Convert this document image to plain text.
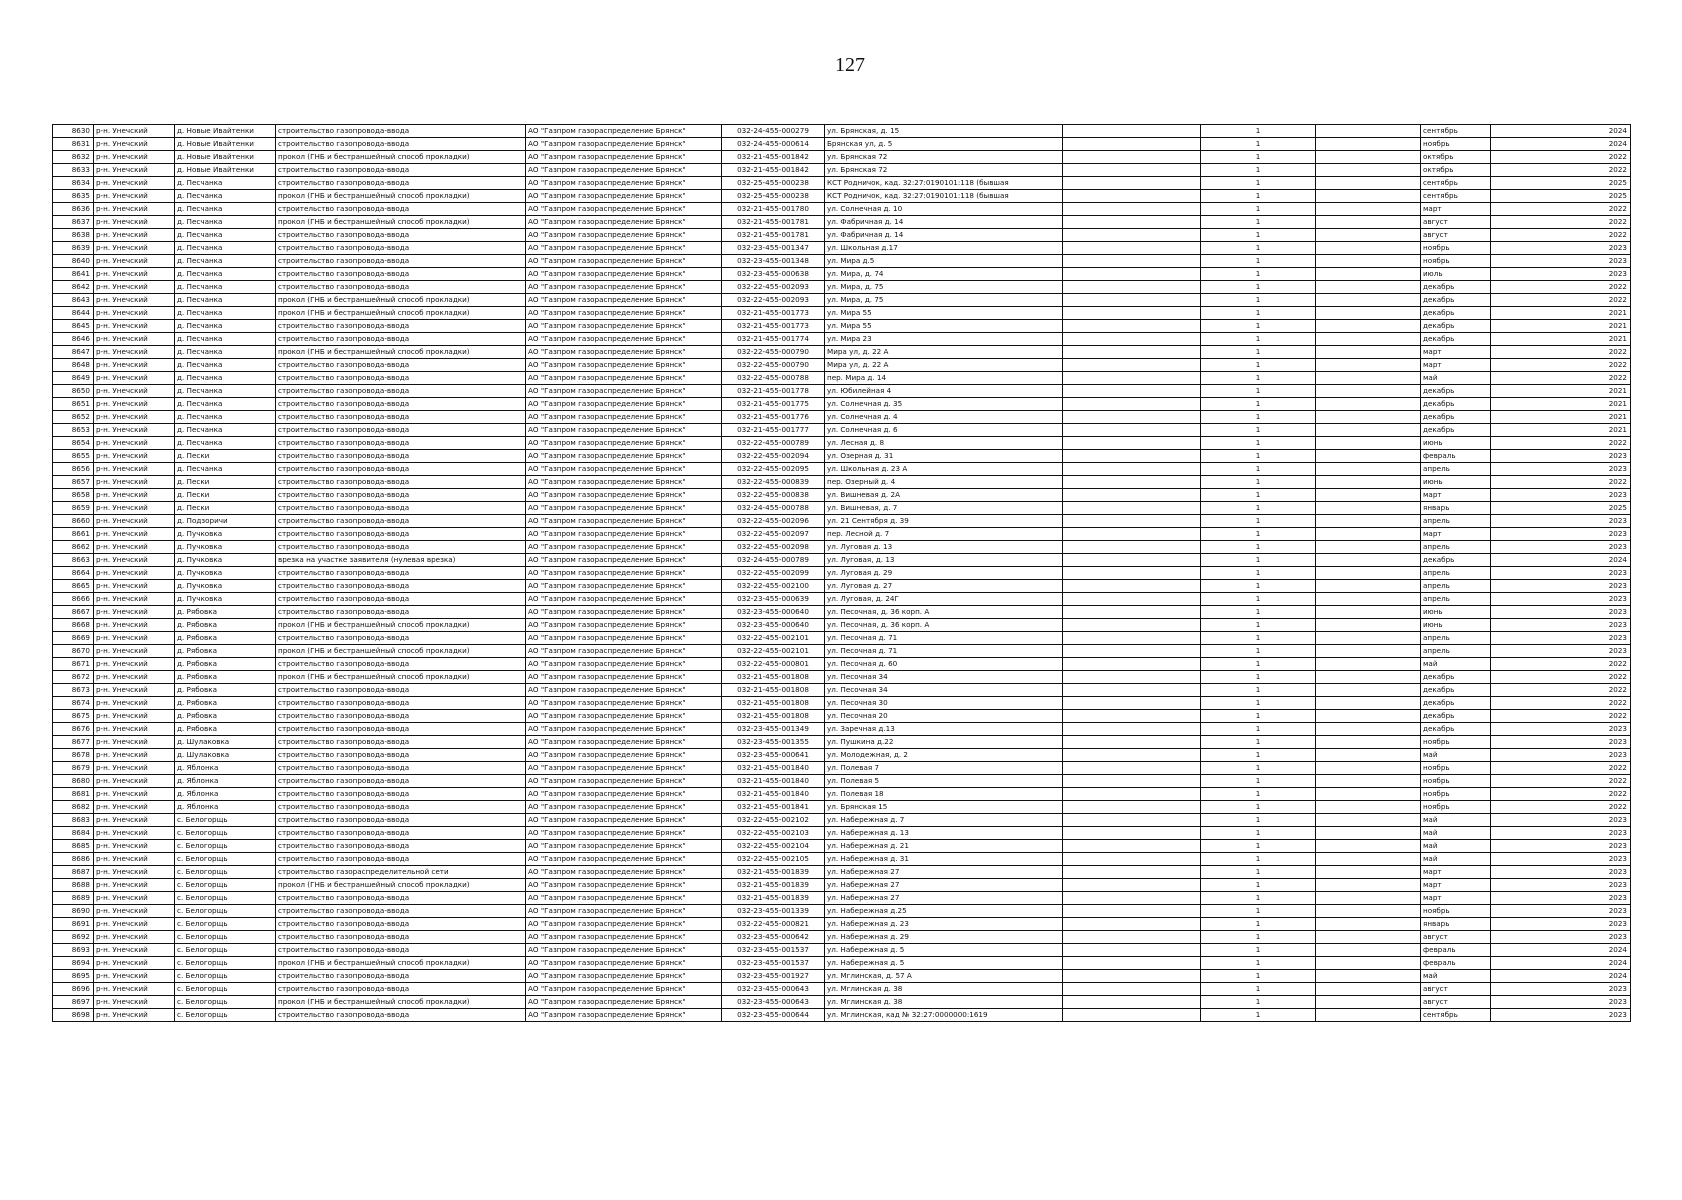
127
8630	р-н. Унечский	д. Новые Ивайтенки	строительство газопровода-ввода	АО "Газпром газораспределение Брянск"	032-24-455-000279	ул. Брянская, д. 15		1		сентябрь	2024
8631	р-н. Унечский	д. Новые Ивайтенки	строительство газопровода-ввода	АО "Газпром газораспределение Брянск"	032-24-455-000614	Брянская ул, д. 5		1		ноябрь	2024
8632	р-н. Унечский	д. Новые Ивайтенки	прокол (ГНБ и бестраншейный способ прокладки)	АО "Газпром газораспределение Брянск"	032-21-455-001842	ул. Брянская 72		1		октябрь	2022
8633	р-н. Унечский	д. Новые Ивайтенки	строительство газопровода-ввода	АО "Газпром газораспределение Брянск"	032-21-455-001842	ул. Брянская 72		1		октябрь	2022
8634	р-н. Унечский	д. Песчанка	строительство газопровода-ввода	АО "Газпром газораспределение Брянск"	032-25-455-000238	КСТ Родничок, кад. 32:27:0190101:118 (бывшая		1		сентябрь	2025
8635	р-н. Унечский	д. Песчанка	прокол (ГНБ и бестраншейный способ прокладки)	АО "Газпром газораспределение Брянск"	032-25-455-000238	КСТ Родничок, кад. 32:27:0190101:118 (бывшая		1		сентябрь	2025
8636	р-н. Унечский	д. Песчанка	строительство газопровода-ввода	АО "Газпром газораспределение Брянск"	032-21-455-001780	ул. Солнечная д. 10		1		март	2022
8637	р-н. Унечский	д. Песчанка	прокол (ГНБ и бестраншейный способ прокладки)	АО "Газпром газораспределение Брянск"	032-21-455-001781	ул. Фабричная д. 14		1		август	2022
8638	р-н. Унечский	д. Песчанка	строительство газопровода-ввода	АО "Газпром газораспределение Брянск"	032-21-455-001781	ул. Фабричная д. 14		1		август	2022
8639	р-н. Унечский	д. Песчанка	строительство газопровода-ввода	АО "Газпром газораспределение Брянск"	032-23-455-001347	ул. Школьная д.17		1		ноябрь	2023
8640	р-н. Унечский	д. Песчанка	строительство газопровода-ввода	АО "Газпром газораспределение Брянск"	032-23-455-001348	ул. Мира д.5		1		ноябрь	2023
8641	р-н. Унечский	д. Песчанка	строительство газопровода-ввода	АО "Газпром газораспределение Брянск"	032-23-455-000638	ул. Мира, д. 74		1		июль	2023
8642	р-н. Унечский	д. Песчанка	строительство газопровода-ввода	АО "Газпром газораспределение Брянск"	032-22-455-002093	ул. Мира, д. 75		1		декабрь	2022
8643	р-н. Унечский	д. Песчанка	прокол (ГНБ и бестраншейный способ прокладки)	АО "Газпром газораспределение Брянск"	032-22-455-002093	ул. Мира, д. 75		1		декабрь	2022
8644	р-н. Унечский	д. Песчанка	прокол (ГНБ и бестраншейный способ прокладки)	АО "Газпром газораспределение Брянск"	032-21-455-001773	ул. Мира 55		1		декабрь	2021
8645	р-н. Унечский	д. Песчанка	строительство газопровода-ввода	АО "Газпром газораспределение Брянск"	032-21-455-001773	ул. Мира 55		1		декабрь	2021
8646	р-н. Унечский	д. Песчанка	строительство газопровода-ввода	АО "Газпром газораспределение Брянск"	032-21-455-001774	ул. Мира 23		1		декабрь	2021
8647	р-н. Унечский	д. Песчанка	прокол (ГНБ и бестраншейный способ прокладки)	АО "Газпром газораспределение Брянск"	032-22-455-000790	Мира ул, д. 22 А		1		март	2022
8648	р-н. Унечский	д. Песчанка	строительство газопровода-ввода	АО "Газпром газораспределение Брянск"	032-22-455-000790	Мира ул, д. 22 А		1		март	2022
8649	р-н. Унечский	д. Песчанка	строительство газопровода-ввода	АО "Газпром газораспределение Брянск"	032-22-455-000788	пер. Мира д. 14		1		май	2022
8650	р-н. Унечский	д. Песчанка	строительство газопровода-ввода	АО "Газпром газораспределение Брянск"	032-21-455-001778	ул. Юбилейная 4		1		декабрь	2021
8651	р-н. Унечский	д. Песчанка	строительство газопровода-ввода	АО "Газпром газораспределение Брянск"	032-21-455-001775	ул. Солнечная д. 35		1		декабрь	2021
8652	р-н. Унечский	д. Песчанка	строительство газопровода-ввода	АО "Газпром газораспределение Брянск"	032-21-455-001776	ул. Солнечная д. 4		1		декабрь	2021
8653	р-н. Унечский	д. Песчанка	строительство газопровода-ввода	АО "Газпром газораспределение Брянск"	032-21-455-001777	ул. Солнечная д. 6		1		декабрь	2021
8654	р-н. Унечский	д. Песчанка	строительство газопровода-ввода	АО "Газпром газораспределение Брянск"	032-22-455-000789	ул. Лесная д. 8		1		июнь	2022
8655	р-н. Унечский	д. Пески	строительство газопровода-ввода	АО "Газпром газораспределение Брянск"	032-22-455-002094	ул. Озерная д. 31		1		февраль	2023
8656	р-н. Унечский	д. Песчанка	строительство газопровода-ввода	АО "Газпром газораспределение Брянск"	032-22-455-002095	ул. Школьная д. 23 А		1		апрель	2023
8657	р-н. Унечский	д. Пески	строительство газопровода-ввода	АО "Газпром газораспределение Брянск"	032-22-455-000839	пер. Озерный д. 4		1		июнь	2022
8658	р-н. Унечский	д. Пески	строительство газопровода-ввода	АО "Газпром газораспределение Брянск"	032-22-455-000838	ул. Вишневая д. 2А		1		март	2023
8659	р-н. Унечский	д. Пески	строительство газопровода-ввода	АО "Газпром газораспределение Брянск"	032-24-455-000788	ул. Вишневая, д. 7		1		январь	2025
8660	р-н. Унечский	д. Подзоричи	строительство газопровода-ввода	АО "Газпром газораспределение Брянск"	032-22-455-002096	ул. 21 Сентября д. 39		1		апрель	2023
8661	р-н. Унечский	д. Пучковка	строительство газопровода-ввода	АО "Газпром газораспределение Брянск"	032-22-455-002097	пер. Лесной д. 7		1		март	2023
8662	р-н. Унечский	д. Пучковка	строительство газопровода-ввода	АО "Газпром газораспределение Брянск"	032-22-455-002098	ул. Луговая д. 13		1		апрель	2023
8663	р-н. Унечский	д. Пучковка	врезка на участке заявителя (нулевая врезка)	АО "Газпром газораспределение Брянск"	032-24-455-000789	ул. Луговая, д. 13		1		декабрь	2024
8664	р-н. Унечский	д. Пучковка	строительство газопровода-ввода	АО "Газпром газораспределение Брянск"	032-22-455-002099	ул. Луговая д. 29		1		апрель	2023
8665	р-н. Унечский	д. Пучковка	строительство газопровода-ввода	АО "Газпром газораспределение Брянск"	032-22-455-002100	ул. Луговая д. 27		1		апрель	2023
8666	р-н. Унечский	д. Пучковка	строительство газопровода-ввода	АО "Газпром газораспределение Брянск"	032-23-455-000639	ул. Луговая, д. 24Г		1		апрель	2023
8667	р-н. Унечский	д. Рябовка	строительство газопровода-ввода	АО "Газпром газораспределение Брянск"	032-23-455-000640	ул. Песочная, д. 36 корп. А		1		июнь	2023
8668	р-н. Унечский	д. Рябовка	прокол (ГНБ и бестраншейный способ прокладки)	АО "Газпром газораспределение Брянск"	032-23-455-000640	ул. Песочная, д. 36 корп. А		1		июнь	2023
8669	р-н. Унечский	д. Рябовка	строительство газопровода-ввода	АО "Газпром газораспределение Брянск"	032-22-455-002101	ул. Песочная д. 71		1		апрель	2023
8670	р-н. Унечский	д. Рябовка	прокол (ГНБ и бестраншейный способ прокладки)	АО "Газпром газораспределение Брянск"	032-22-455-002101	ул. Песочная д. 71		1		апрель	2023
8671	р-н. Унечский	д. Рябовка	строительство газопровода-ввода	АО "Газпром газораспределение Брянск"	032-22-455-000801	ул. Песочная д. 60		1		май	2022
8672	р-н. Унечский	д. Рябовка	прокол (ГНБ и бестраншейный способ прокладки)	АО "Газпром газораспределение Брянск"	032-21-455-001808	ул. Песочная 34		1		декабрь	2022
8673	р-н. Унечский	д. Рябовка	строительство газопровода-ввода	АО "Газпром газораспределение Брянск"	032-21-455-001808	ул. Песочная 34		1		декабрь	2022
8674	р-н. Унечский	д. Рябовка	строительство газопровода-ввода	АО "Газпром газораспределение Брянск"	032-21-455-001808	ул. Песочная 30		1		декабрь	2022
8675	р-н. Унечский	д. Рябовка	строительство газопровода-ввода	АО "Газпром газораспределение Брянск"	032-21-455-001808	ул. Песочная 20		1		декабрь	2022
8676	р-н. Унечский	д. Рябовка	строительство газопровода-ввода	АО "Газпром газораспределение Брянск"	032-23-455-001349	ул. Заречная д.13		1		декабрь	2023
8677	р-н. Унечский	д. Шулаковка	строительство газопровода-ввода	АО "Газпром газораспределение Брянск"	032-23-455-001355	ул. Пушкина д.22		1		ноябрь	2023
8678	р-н. Унечский	д. Шулаковка	строительство газопровода-ввода	АО "Газпром газораспределение Брянск"	032-23-455-000641	ул. Молодежная, д. 2		1		май	2023
8679	р-н. Унечский	д. Яблонка	строительство газопровода-ввода	АО "Газпром газораспределение Брянск"	032-21-455-001840	ул. Полевая 7		1		ноябрь	2022
8680	р-н. Унечский	д. Яблонка	строительство газопровода-ввода	АО "Газпром газораспределение Брянск"	032-21-455-001840	ул. Полевая 5		1		ноябрь	2022
8681	р-н. Унечский	д. Яблонка	строительство газопровода-ввода	АО "Газпром газораспределение Брянск"	032-21-455-001840	ул. Полевая 18		1		ноябрь	2022
8682	р-н. Унечский	д. Яблонка	строительство газопровода-ввода	АО "Газпром газораспределение Брянск"	032-21-455-001841	ул. Брянская 15		1		ноябрь	2022
8683	р-н. Унечский	с. Белогорщь	строительство газопровода-ввода	АО "Газпром газораспределение Брянск"	032-22-455-002102	ул. Набережная д. 7		1		май	2023
8684	р-н. Унечский	с. Белогорщь	строительство газопровода-ввода	АО "Газпром газораспределение Брянск"	032-22-455-002103	ул. Набережная д. 13		1		май	2023
8685	р-н. Унечский	с. Белогорщь	строительство газопровода-ввода	АО "Газпром газораспределение Брянск"	032-22-455-002104	ул. Набережная д. 21		1		май	2023
8686	р-н. Унечский	с. Белогорщь	строительство газопровода-ввода	АО "Газпром газораспределение Брянск"	032-22-455-002105	ул. Набережная д. 31		1		май	2023
8687	р-н. Унечский	с. Белогорщь	строительство газораспределительной сети	АО "Газпром газораспределение Брянск"	032-21-455-001839	ул. Набережная 27		1		март	2023
8688	р-н. Унечский	с. Белогорщь	прокол (ГНБ и бестраншейный способ прокладки)	АО "Газпром газораспределение Брянск"	032-21-455-001839	ул. Набережная 27		1		март	2023
8689	р-н. Унечский	с. Белогорщь	строительство газопровода-ввода	АО "Газпром газораспределение Брянск"	032-21-455-001839	ул. Набережная 27		1		март	2023
8690	р-н. Унечский	с. Белогорщь	строительство газопровода-ввода	АО "Газпром газораспределение Брянск"	032-23-455-001339	ул. Набережная д.25		1		ноябрь	2023
8691	р-н. Унечский	с. Белогорщь	строительство газопровода-ввода	АО "Газпром газораспределение Брянск"	032-22-455-000821	ул. Набережная д. 23		1		январь	2023
8692	р-н. Унечский	с. Белогорщь	строительство газопровода-ввода	АО "Газпром газораспределение Брянск"	032-23-455-000642	ул. Набережная д. 29		1		август	2023
8693	р-н. Унечский	с. Белогорщь	строительство газопровода-ввода	АО "Газпром газораспределение Брянск"	032-23-455-001537	ул. Набережная д. 5		1		февраль	2024
8694	р-н. Унечский	с. Белогорщь	прокол (ГНБ и бестраншейный способ прокладки)	АО "Газпром газораспределение Брянск"	032-23-455-001537	ул. Набережная д. 5		1		февраль	2024
8695	р-н. Унечский	с. Белогорщь	строительство газопровода-ввода	АО "Газпром газораспределение Брянск"	032-23-455-001927	ул. Мглинская, д. 57 А		1		май	2024
8696	р-н. Унечский	с. Белогорщь	строительство газопровода-ввода	АО "Газпром газораспределение Брянск"	032-23-455-000643	ул. Мглинская д. 38		1		август	2023
8697	р-н. Унечский	с. Белогорщь	прокол (ГНБ и бестраншейный способ прокладки)	АО "Газпром газораспределение Брянск"	032-23-455-000643	ул. Мглинская д. 38		1		август	2023
8698	р-н. Унечский	с. Белогорщь	строительство газопровода-ввода	АО "Газпром газораспределение Брянск"	032-23-455-000644	ул. Мглинская, кад № 32:27:0000000:1619		1		сентябрь	2023
